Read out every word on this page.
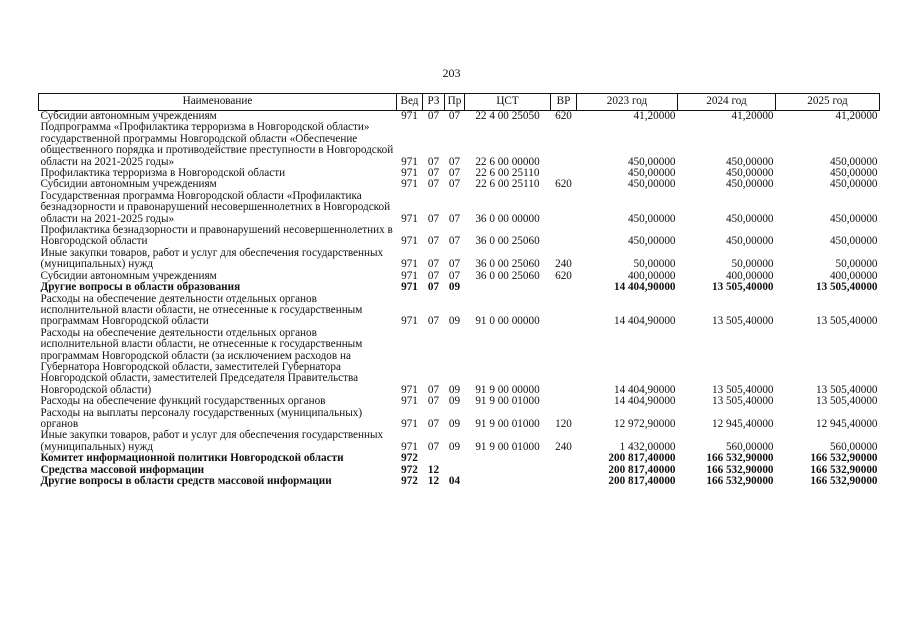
203
Наименование	Вед	РЗ	Пр	ЦСТ	ВР	2023 год	2024 год	2025 год
Субсидии автономным учреждениям	971	07	07	22 4 00 25050	620	41,20000	41,20000	41,20000
Подпрограмма «Профилактика терроризма в Новгородской области» государственной программы Новгородской области «Обеспечение общественного порядка и противодействие преступности в Новгородской области на 2021-2025 годы»	971	07	07	22 6 00 00000		450,00000	450,00000	450,00000
Профилактика терроризма в Новгородской области	971	07	07	22 6 00 25110		450,00000	450,00000	450,00000
Субсидии автономным учреждениям	971	07	07	22 6 00 25110	620	450,00000	450,00000	450,00000
Государственная программа Новгородской области «Профилактика безнадзорности и правонарушений несовершеннолетних в Новгородской области на 2021-2025 годы»	971	07	07	36 0 00 00000		450,00000	450,00000	450,00000
Профилактика безнадзорности и правонарушений несовершеннолетних в Новгородской области	971	07	07	36 0 00 25060		450,00000	450,00000	450,00000
Иные закупки товаров, работ и услуг для обеспечения государственных (муниципальных) нужд	971	07	07	36 0 00 25060	240	50,00000	50,00000	50,00000
Субсидии автономным учреждениям	971	07	07	36 0 00 25060	620	400,00000	400,00000	400,00000
Другие вопросы в области образования	971	07	09			14 404,90000	13 505,40000	13 505,40000
Расходы на обеспечение деятельности отдельных органов исполнительной власти области, не отнесенные к государственным программам Новгородской области	971	07	09	91 0 00 00000		14 404,90000	13 505,40000	13 505,40000
Расходы на обеспечение деятельности отдельных органов исполнительной власти области, не отнесенные к государственным программам Новгородской области (за исключением расходов на Губернатора Новгородской области, заместителей Губернатора Новгородской области, заместителей Председателя Правительства Новгородской области)	971	07	09	91 9 00 00000		14 404,90000	13 505,40000	13 505,40000
Расходы на обеспечение функций государственных органов	971	07	09	91 9 00 01000		14 404,90000	13 505,40000	13 505,40000
Расходы на выплаты персоналу государственных (муниципальных) органов	971	07	09	91 9 00 01000	120	12 972,90000	12 945,40000	12 945,40000
Иные закупки товаров, работ и услуг для обеспечения государственных (муниципальных) нужд	971	07	09	91 9 00 01000	240	1 432,00000	560,00000	560,00000
Комитет информационной политики Новгородской области	972					200 817,40000	166 532,90000	166 532,90000
Средства массовой информации	972	12				200 817,40000	166 532,90000	166 532,90000
Другие вопросы в области средств массовой информации	972	12	04			200 817,40000	166 532,90000	166 532,90000
